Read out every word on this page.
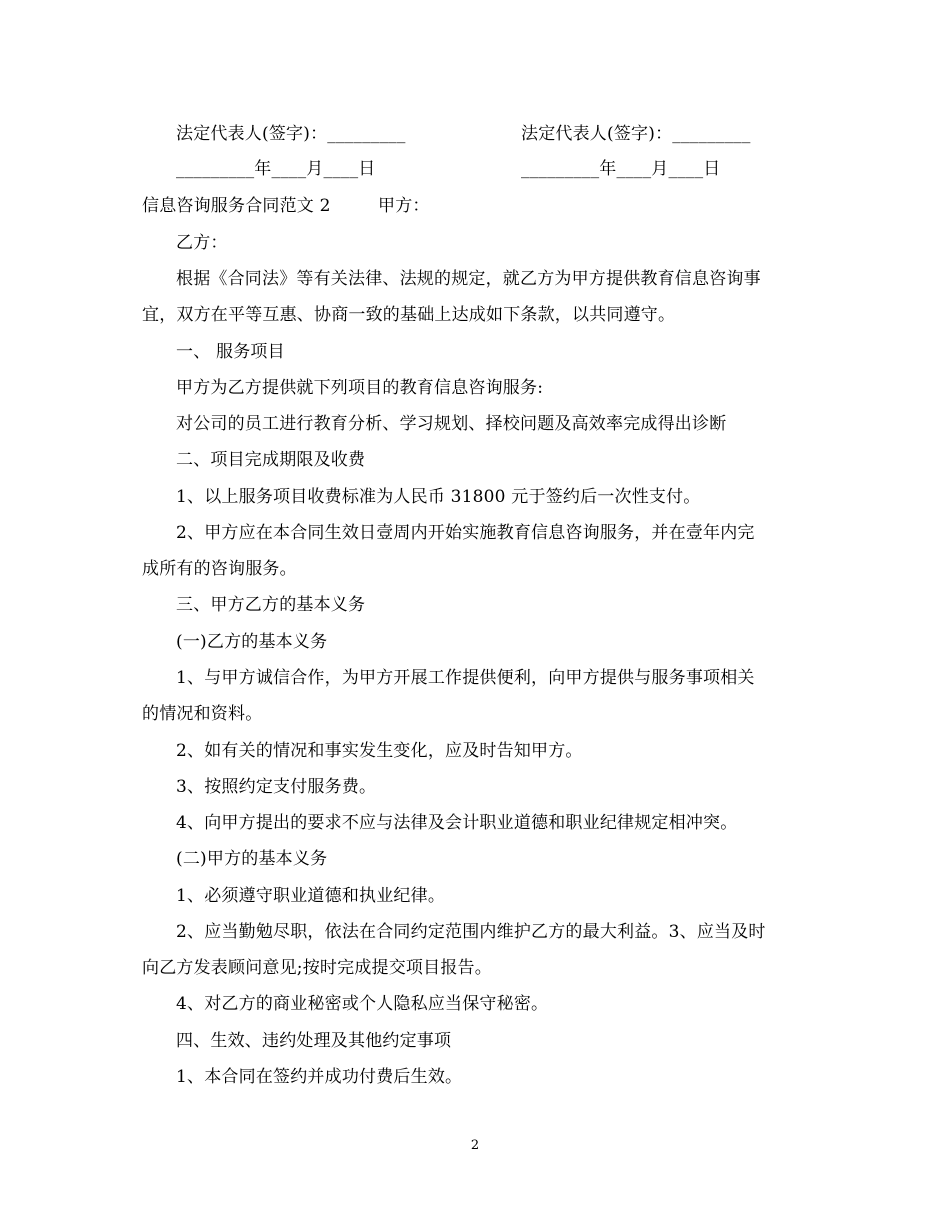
法定代表人(签字)：_________	法定代表人(签字)：_________
_________年____月____日	_________年____月____日
信息咨询服务合同范文 2	甲方：
乙方：
根据《合同法》等有关法律、法规的规定，就乙方为甲方提供教育信息咨询事
宜，双方在平等互惠、协商一致的基础上达成如下条款，以共同遵守。
一、 服务项目
甲方为乙方提供就下列项目的教育信息咨询服务:
对公司的员工进行教育分析、学习规划、择校问题及高效率完成得出诊断
二、项目完成期限及收费
1、以上服务项目收费标准为人民币 31800 元于签约后一次性支付。
2、甲方应在本合同生效日壹周内开始实施教育信息咨询服务，并在壹年内完
成所有的咨询服务。
三、甲方乙方的基本义务
(一)乙方的基本义务
1、与甲方诚信合作，为甲方开展工作提供便利，向甲方提供与服务事项相关
的情况和资料。
2、如有关的情况和事实发生变化，应及时告知甲方。
3、按照约定支付服务费。
4、向甲方提出的要求不应与法律及会计职业道德和职业纪律规定相冲突。
(二)甲方的基本义务
1、必须遵守职业道德和执业纪律。
2、应当勤勉尽职，依法在合同约定范围内维护乙方的最大利益。3、应当及时
向乙方发表顾问意见;按时完成提交项目报告。
4、对乙方的商业秘密或个人隐私应当保守秘密。
四、生效、违约处理及其他约定事项
1、本合同在签约并成功付费后生效。
2
